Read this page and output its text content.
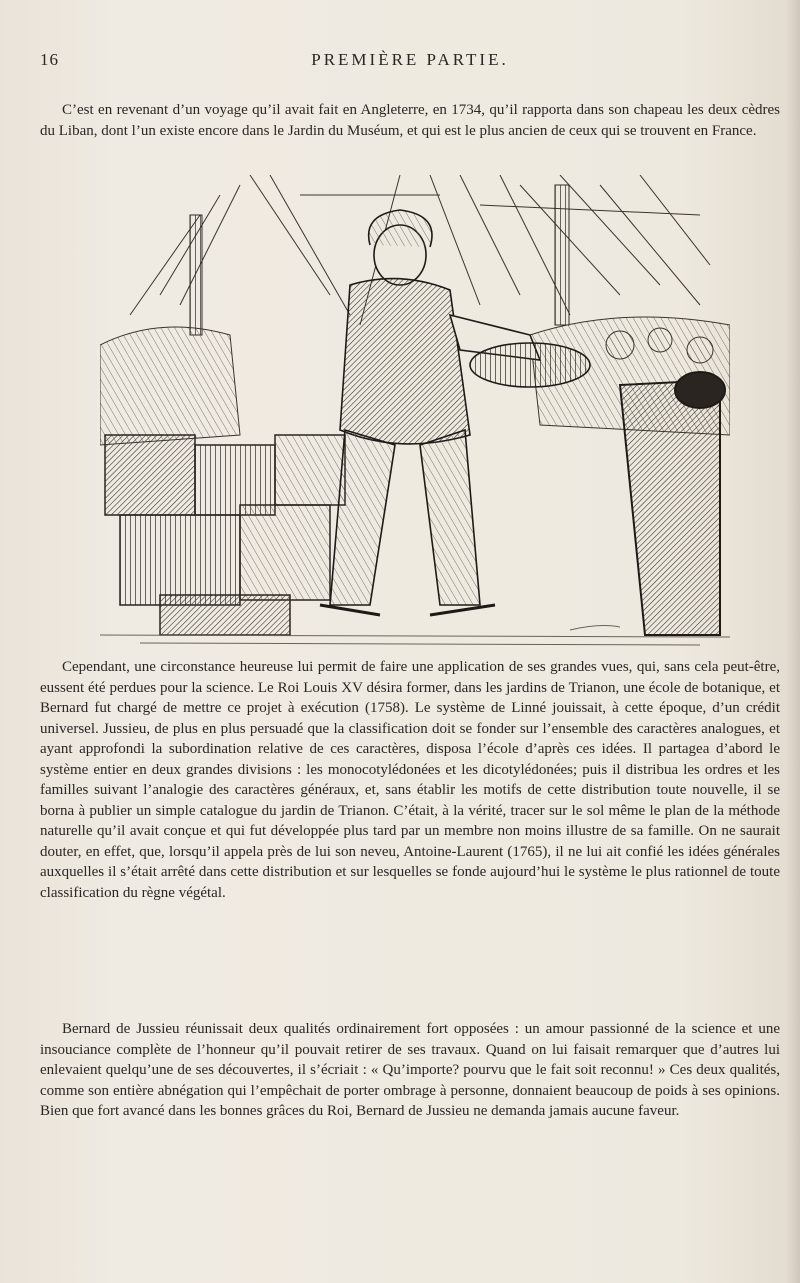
16	PREMIÈRE PARTIE.

C’est en revenant d’un voyage qu’il avait fait en Angleterre, en 1734, qu’il rapporta dans son chapeau les deux cèdres du Liban, dont l’un existe encore dans le Jardin du Muséum, et qui est le plus ancien de ceux qui se trouvent en France.

Cependant, une circonstance heureuse lui permit de faire une application de ses grandes vues, qui, sans cela peut-être, eussent été perdues pour la science. Le Roi Louis XV désira former, dans les jardins de Trianon, une école de botanique, et Bernard fut chargé de mettre ce projet à exécution (1758). Le système de Linné jouissait, à cette époque, d’un crédit universel. Jussieu, de plus en plus persuadé que la classification doit se fonder sur l’ensemble des caractères analogues, et ayant approfondi la subordination relative de ces caractères, disposa l’école d’après ces idées. Il partagea d’abord le système entier en deux grandes divisions : les monocotylédonées et les dicotylédonées; puis il distribua les ordres et les familles suivant l’analogie des caractères généraux, et, sans établir les motifs de cette distribution toute nouvelle, il se borna à publier un simple catalogue du jardin de Trianon. C’était, à la vérité, tracer sur le sol même le plan de la méthode naturelle qu’il avait conçue et qui fut développée plus tard par un membre non moins illustre de sa famille. On ne saurait douter, en effet, que, lorsqu’il appela près de lui son neveu, Antoine-Laurent (1765), il ne lui ait confié les idées générales auxquelles il s’était arrêté dans cette distribution et sur lesquelles se fonde aujourd’hui le système le plus rationnel de toute classification du règne végétal.

Bernard de Jussieu réunissait deux qualités ordinairement fort opposées : un amour passionné de la science et une insouciance complète de l’honneur qu’il pouvait retirer de ses travaux. Quand on lui faisait remarquer que d’autres lui enlevaient quelqu’une de ses découvertes, il s’écriait : « Qu’importe? pourvu que le fait soit reconnu! » Ces deux qualités, comme son entière abnégation qui l’empêchait de porter ombrage à personne, donnaient beaucoup de poids à ses opinions. Bien que fort avancé dans les bonnes grâces du Roi, Bernard de Jussieu ne demanda jamais aucune faveur.
